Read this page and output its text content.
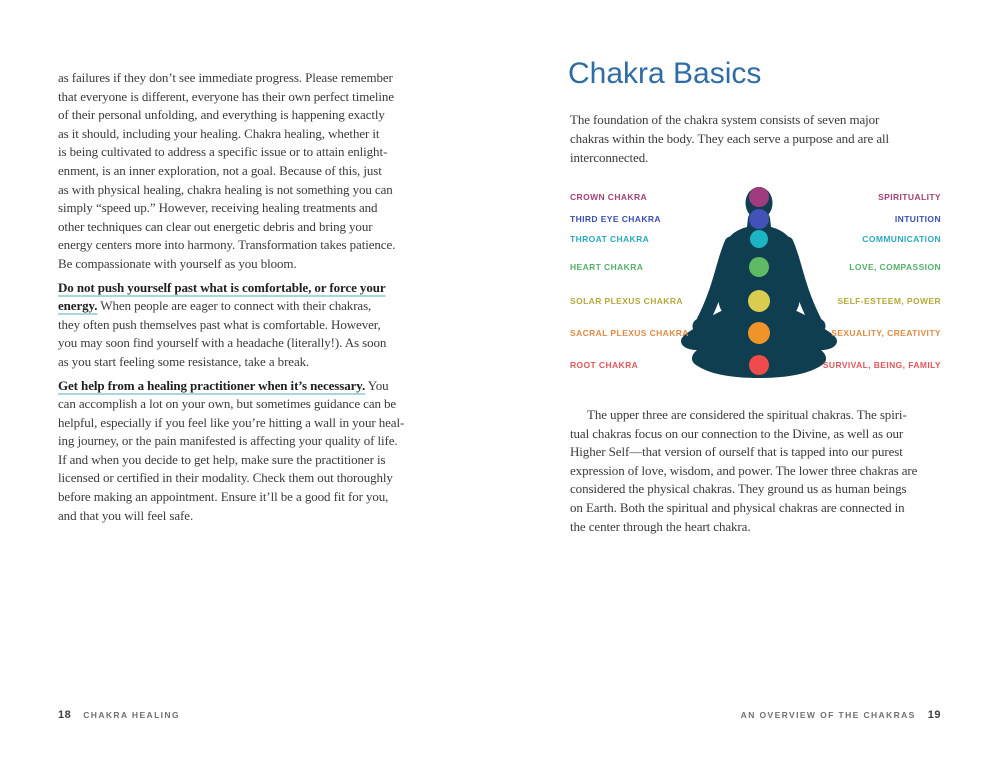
as failures if they don’t see immediate progress. Please remember
that everyone is different, everyone has their own perfect timeline
of their personal unfolding, and everything is happening exactly
as it should, including your healing. Chakra healing, whether it
is being cultivated to address a specific issue or to attain enlight-
enment, is an inner exploration, not a goal. Because of this, just
as with physical healing, chakra healing is not something you can
simply “speed up.” However, receiving healing treatments and
other techniques can clear out energetic debris and bring your
energy centers more into harmony. Transformation takes patience.
Be compassionate with yourself as you bloom.
Do not push yourself past what is comfortable, or force your
energy. When people are eager to connect with their chakras,
they often push themselves past what is comfortable. However,
you may soon find yourself with a headache (literally!). As soon
as you start feeling some resistance, take a break.
Get help from a healing practitioner when it’s necessary. You
can accomplish a lot on your own, but sometimes guidance can be
helpful, especially if you feel like you’re hitting a wall in your heal-
ing journey, or the pain manifested is affecting your quality of life.
If and when you decide to get help, make sure the practitioner is
licensed or certified in their modality. Check them out thoroughly
before making an appointment. Ensure it’ll be a good fit for you,
and that you will feel safe.
18 CHAKRA HEALING
Chakra Basics
The foundation of the chakra system consists of seven major
chakras within the body. They each serve a purpose and are all
interconnected.
CROWN CHAKRA	SPIRITUALITY
THIRD EYE CHAKRA	INTUITION
THROAT CHAKRA	COMMUNICATION
HEART CHAKRA	LOVE, COMPASSION
SOLAR PLEXUS CHAKRA	SELF-ESTEEM, POWER
SACRAL PLEXUS CHAKRA	SEXUALITY, CREATIVITY
ROOT CHAKRA	SURVIVAL, BEING, FAMILY
The upper three are considered the spiritual chakras. The spiri-
tual chakras focus on our connection to the Divine, as well as our
Higher Self—that version of ourself that is tapped into our purest
expression of love, wisdom, and power. The lower three chakras are
considered the physical chakras. They ground us as human beings
on Earth. Both the spiritual and physical chakras are connected in
the center through the heart chakra.
AN OVERVIEW OF THE CHAKRAS 19
